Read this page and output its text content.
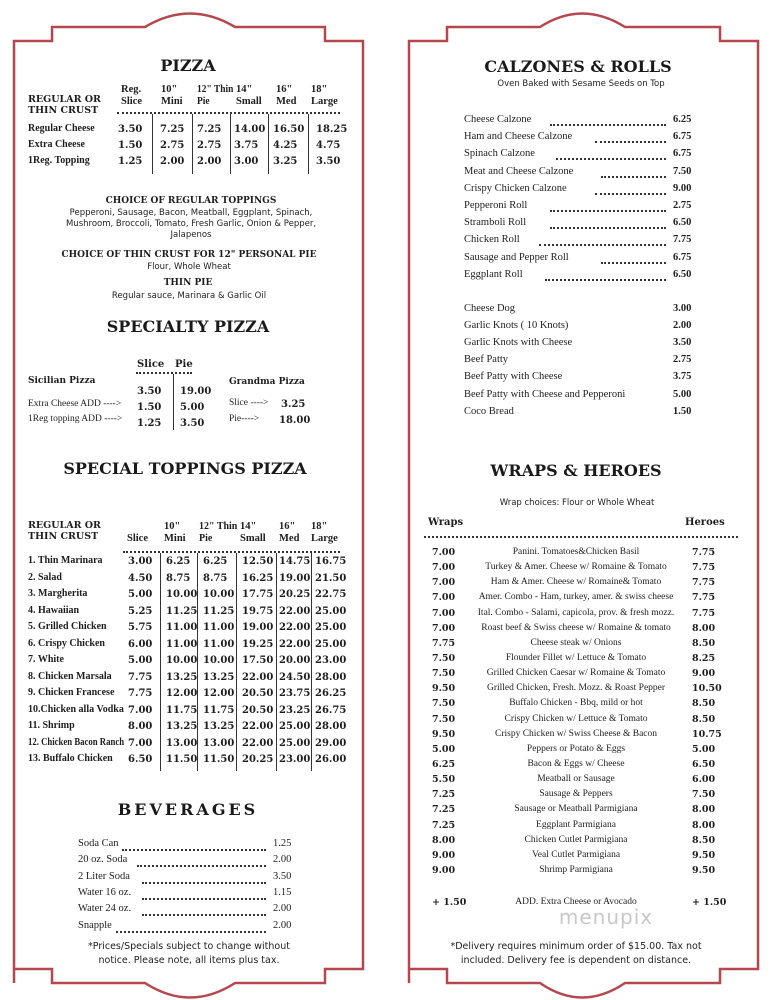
PIZZA
REGULAR OR THIN CRUST
Reg.
Slice
10"
Mini
12" Thin
Pie
14"
Small
16"
Med
18"
Large
Regular Cheese 3.50 7.25 7.25 14.00 16.50 18.25
Extra Cheese	1.50 2.75 2.75 3.75 4.25 4.75
1Reg. Topping	1.25 2.00 2.00 3.00 3.25 3.50
CHOICE OF REGULAR TOPPINGS
Pepperoni, Sausage, Bacon, Meatball, Eggplant, Spinach,
Mushroom, Broccoli, Tomato, Fresh Garlic, Onion & Pepper,
Jalapenos
CHOICE OF THIN CRUST FOR 12" PERSONAL PIE
Flour, Whole Wheat
THIN PIE
Regular sauce, Marinara & Garlic Oil
SPECIALTY PIZZA
Slice Pie
Sicilian Pizza
3.50 19.00
Extra Cheese ADD ----> 1.50 5.00
1Reg topping ADD ----> 1.25 3.50
Grandma Pizza
Slice ----> 3.25
Pie----> 18.00
SPECIAL TOPPINGS PIZZA
REGULAR OR THIN CRUST	Slice
10"
Mini
12" Thin
Pie
14"
Small
16"
Med
18"
Large
1. Thin Marinara	3.00 6.25 6.25 12.50 14.75 16.75
2. Salad	4.50 8.75 8.75 16.25 19.00 21.50
3. Margherita	5.00 10.00 10.00 17.75 20.25 22.75
4. Hawaiian	5.25 11.25 11.25 19.75 22.00 25.00
5. Grilled Chicken 5.75 11.00 11.00 19.00 22.00 25.00
6. Crispy Chicken 6.00 11.00 11.00 19.25 22.00 25.00
7. White	5.00 10.00 10.00 17.50 20.00 23.00
8. Chicken Marsala 7.75 13.25 13.25 22.00 24.50 28.00
9. Chicken Francese 7.75 12.00 12.00 20.50 23.75 26.25
10.Chicken alla Vodka 7.00 11.75 11.75 20.50 23.25 26.75
11. Shrimp	8.00 13.25 13.25 22.00 25.00 28.00
12. Chicken Bacon Ranch 7.00 13.00 13.00 22.00 25.00 29.00
13. Buffalo Chicken 6.50 11.50 11.50 20.25 23.00 26.00
BEVERAGES
Soda Can	1.25
20 oz. Soda	2.00
2 Liter Soda	3.50
Water 16 oz.	1.15
Water 24 oz.	2.00
Snapple	2.00
*Prices/Specials subject to change without
notice. Please note, all items plus tax.
CALZONES & ROLLS
Oven Baked with Sesame Seeds on Top
Cheese Calzone	6.25
Ham and Cheese Calzone	6.75
Spinach Calzone	6.75
Meat and Cheese Calzone	7.50
Crispy Chicken Calzone	9.00
Pepperoni Roll	2.75
Stramboli Roll	6.50
Chicken Roll	7.75
Sausage and Pepper Roll	6.75
Eggplant Roll	6.50
Cheese Dog	3.00
Garlic Knots ( 10 Knots)	2.00
Garlic Knots with Cheese	3.50
Beef Patty	2.75
Beef Patty with Cheese	3.75
Beef Patty with Cheese and Pepperoni	5.00
Coco Bread	1.50
WRAPS & HEROES
Wrap choices: Flour or Whole Wheat
Wraps	Heroes
7.00	Panini. Tomatoes&Chicken Basil	7.75
7.00	Turkey & Amer. Cheese w/ Romaine & Tomato	7.75
7.00	Ham & Amer. Cheese w/ Romaine& Tomato	7.75
7.00 Amer. Combo - Ham, turkey, amer. & swiss cheese 7.75
7.00 Ital. Combo - Salami, capicola, prov. & fresh mozz. 7.75
7.00	Roast beef & Swiss cheese w/ Romaine & tomato 8.00
7.75	Cheese steak w/ Onions	8.50
7.50	Flounder Fillet w/ Lettuce & Tomato	8.25
7.50	Grilled Chicken Caesar w/ Romaine & Tomato	9.00
9.50	Grilled Chicken, Fresh. Mozz. & Roast Pepper	10.50
7.50	Buffalo Chicken - Bbq, mild or hot	8.50
7.50	Crispy Chicken w/ Lettuce & Tomato	8.50
9.50	Crispy Chicken w/ Swiss Cheese & Bacon	10.75
5.00	Peppers or Potato & Eggs	5.00
6.25	Bacon & Eggs w/ Cheese	6.50
5.50	Meatball or Sausage	6.00
7.25	Sausage & Peppers	7.50
7.25	Sausage or Meatball Parmigiana	8.00
7.25	Eggplant Parmigiana	8.00
8.00	Chicken Cutlet Parmigiana	8.50
9.00	Veal Cutlet Parmigiana	9.50
9.00	Shrimp Parmigiana	9.50
+ 1.50	ADD. Extra Cheese or Avocado	+ 1.50
menupix
*Delivery requires minimum order of $15.00. Tax not
included. Delivery fee is dependent on distance.
